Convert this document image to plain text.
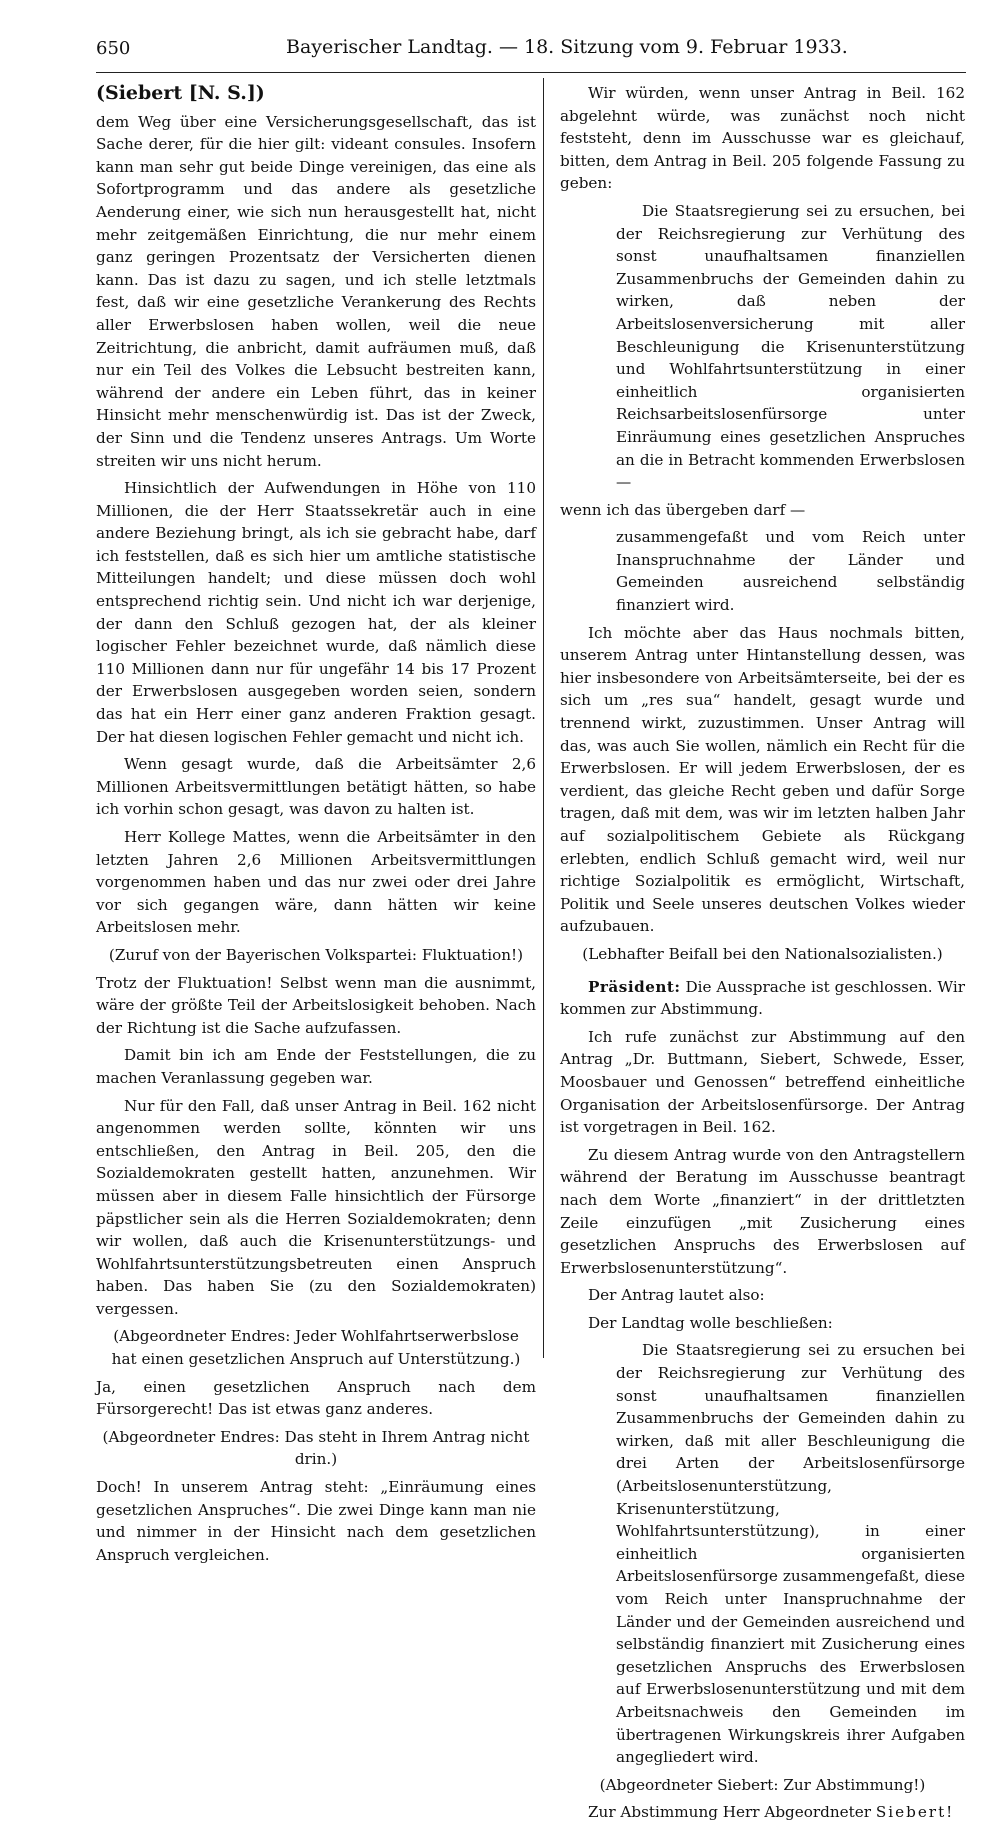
650	Bayerischer Landtag. — 18. Sitzung vom 9. Februar 1933.

(Siebert [N. S.])

dem Weg über eine Versicherungsgesellschaft, das ist Sache derer, für die hier gilt: videant consules. Insofern kann man sehr gut beide Dinge vereinigen, das eine als Sofortprogramm und das andere als gesetzliche Aenderung einer, wie sich nun herausgestellt hat, nicht mehr zeitgemäßen Einrichtung, die nur mehr einem ganz geringen Prozentsatz der Versicherten dienen kann. Das ist dazu zu sagen, und ich stelle letztmals fest, daß wir eine gesetzliche Verankerung des Rechts aller Erwerbslosen haben wollen, weil die neue Zeitrichtung, die anbricht, damit aufräumen muß, daß nur ein Teil des Volkes die Lebsucht bestreiten kann, während der andere ein Leben führt, das in keiner Hinsicht mehr menschenwürdig ist. Das ist der Zweck, der Sinn und die Tendenz unseres Antrags. Um Worte streiten wir uns nicht herum.

Hinsichtlich der Aufwendungen in Höhe von 110 Millionen, die der Herr Staatssekretär auch in eine andere Beziehung bringt, als ich sie gebracht habe, darf ich feststellen, daß es sich hier um amtliche statistische Mitteilungen handelt; und diese müssen doch wohl entsprechend richtig sein. Und nicht ich war derjenige, der dann den Schluß gezogen hat, der als kleiner logischer Fehler bezeichnet wurde, daß nämlich diese 110 Millionen dann nur für ungefähr 14 bis 17 Prozent der Erwerbslosen ausgegeben worden seien, sondern das hat ein Herr einer ganz anderen Fraktion gesagt. Der hat diesen logischen Fehler gemacht und nicht ich.

Wenn gesagt wurde, daß die Arbeitsämter 2,6 Millionen Arbeitsvermittlungen betätigt hätten, so habe ich vorhin schon gesagt, was davon zu halten ist.

Herr Kollege Mattes, wenn die Arbeitsämter in den letzten Jahren 2,6 Millionen Arbeitsvermittlungen vorgenommen haben und das nur zwei oder drei Jahre vor sich gegangen wäre, dann hätten wir keine Arbeitslosen mehr.

(Zuruf von der Bayerischen Volkspartei: Fluktuation!)

Trotz der Fluktuation! Selbst wenn man die ausnimmt, wäre der größte Teil der Arbeitslosigkeit behoben. Nach der Richtung ist die Sache aufzufassen.

Damit bin ich am Ende der Feststellungen, die zu machen Veranlassung gegeben war.

Nur für den Fall, daß unser Antrag in Beil. 162 nicht angenommen werden sollte, könnten wir uns entschließen, den Antrag in Beil. 205, den die Sozialdemokraten gestellt hatten, anzunehmen. Wir müssen aber in diesem Falle hinsichtlich der Fürsorge päpstlicher sein als die Herren Sozialdemokraten; denn wir wollen, daß auch die Krisenunterstützungs- und Wohlfahrtsunterstützungsbetreuten einen Anspruch haben. Das haben Sie (zu den Sozialdemokraten) vergessen.

(Abgeordneter Endres: Jeder Wohlfahrtserwerbslose hat einen gesetzlichen Anspruch auf Unterstützung.)

Ja, einen gesetzlichen Anspruch nach dem Fürsorgerecht! Das ist etwas ganz anderes.

(Abgeordneter Endres: Das steht in Ihrem Antrag nicht drin.)

Doch! In unserem Antrag steht: „Einräumung eines gesetzlichen Anspruches“. Die zwei Dinge kann man nie und nimmer in der Hinsicht nach dem gesetzlichen Anspruch vergleichen.

Wir würden, wenn unser Antrag in Beil. 162 abgelehnt würde, was zunächst noch nicht feststeht, denn im Ausschusse war es gleichauf, bitten, dem Antrag in Beil. 205 folgende Fassung zu geben:

Die Staatsregierung sei zu ersuchen, bei der Reichsregierung zur Verhütung des sonst unaufhaltsamen finanziellen Zusammenbruchs der Gemeinden dahin zu wirken, daß neben der Arbeitslosenversicherung mit aller Beschleunigung die Krisenunterstützung und Wohlfahrtsunterstützung in einer einheitlich organisierten Reichsarbeitslosenfürsorge unter Einräumung eines gesetzlichen Anspruches an die in Betracht kommenden Erwerbslosen —

wenn ich das übergeben darf —

zusammengefaßt und vom Reich unter Inanspruchnahme der Länder und Gemeinden ausreichend selbständig finanziert wird.

Ich möchte aber das Haus nochmals bitten, unserem Antrag unter Hintanstellung dessen, was hier insbesondere von Arbeitsämterseite, bei der es sich um „res sua“ handelt, gesagt wurde und trennend wirkt, zuzustimmen. Unser Antrag will das, was auch Sie wollen, nämlich ein Recht für die Erwerbslosen. Er will jedem Erwerbslosen, der es verdient, das gleiche Recht geben und dafür Sorge tragen, daß mit dem, was wir im letzten halben Jahr auf sozialpolitischem Gebiete als Rückgang erlebten, endlich Schluß gemacht wird, weil nur richtige Sozialpolitik es ermöglicht, Wirtschaft, Politik und Seele unseres deutschen Volkes wieder aufzubauen.

(Lebhafter Beifall bei den Nationalsozialisten.)

Präsident: Die Aussprache ist geschlossen. Wir kommen zur Abstimmung.

Ich rufe zunächst zur Abstimmung auf den Antrag „Dr. Buttmann, Siebert, Schwede, Esser, Moosbauer und Genossen“ betreffend einheitliche Organisation der Arbeitslosenfürsorge. Der Antrag ist vorgetragen in Beil. 162.

Zu diesem Antrag wurde von den Antragstellern während der Beratung im Ausschusse beantragt nach dem Worte „finanziert“ in der drittletzten Zeile einzufügen „mit Zusicherung eines gesetzlichen Anspruchs des Erwerbslosen auf Erwerbslosenunterstützung“.

Der Antrag lautet also:

Der Landtag wolle beschließen:

Die Staatsregierung sei zu ersuchen bei der Reichsregierung zur Verhütung des sonst unaufhaltsamen finanziellen Zusammenbruchs der Gemeinden dahin zu wirken, daß mit aller Beschleunigung die drei Arten der Arbeitslosenfürsorge (Arbeitslosenunterstützung, Krisenunterstützung, Wohlfahrtsunterstützung), in einer einheitlich organisierten Arbeitslosenfürsorge zusammengefaßt, diese vom Reich unter Inanspruchnahme der Länder und der Gemeinden ausreichend und selbständig finanziert mit Zusicherung eines gesetzlichen Anspruchs des Erwerbslosen auf Erwerbslosenunterstützung und mit dem Arbeitsnachweis den Gemeinden im übertragenen Wirkungskreis ihrer Aufgaben angegliedert wird.

(Abgeordneter Siebert: Zur Abstimmung!)

Zur Abstimmung Herr Abgeordneter Siebert!
